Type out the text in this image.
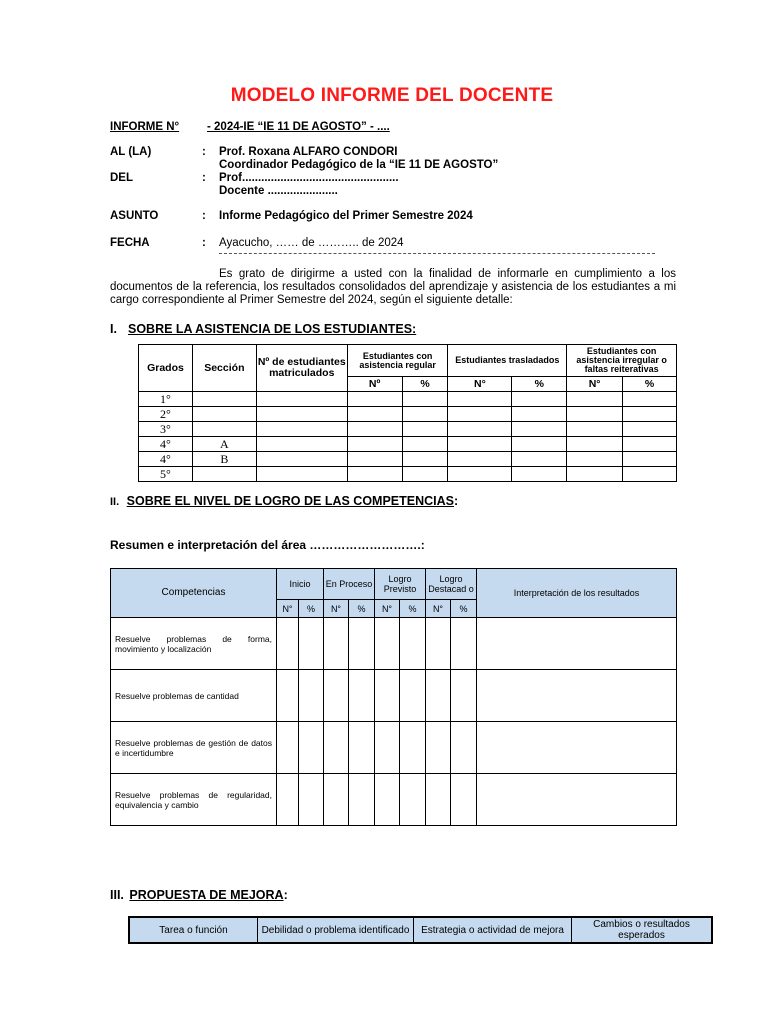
MODELO INFORME DEL DOCENTE
INFORME N° - 2024-IE “IE 11 DE AGOSTO” - ....
AL (LA)	: Prof. Roxana ALFARO CONDORI
Coordinador Pedagógico de la “IE 11 DE AGOSTO”
DEL	: Prof.................................................
Docente ......................
ASUNTO	: Informe Pedagógico del Primer Semestre 2024
FECHA	: Ayacucho, …… de ……….. de 2024
Es grato de dirigirme a usted con la finalidad de informarle en cumplimiento a los documentos de la referencia, los resultados consolidados del aprendizaje y asistencia de los estudiantes a mi cargo correspondiente al Primer Semestre del 2024, según el siguiente detalle:
I. SOBRE LA ASISTENCIA DE LOS ESTUDIANTES:
Grados	Sección	Nº de estudiantes matriculados	Estudiantes con asistencia regular		Estudiantes trasladados		Estudiantes con asistencia irregular o faltas reiterativas	
			Nº	%	N°	%	N°	%
1°								
2°								
3°								
4°	A							
4°	B							
5°								
II. SOBRE EL NIVEL DE LOGRO DE LAS COMPETENCIAS:
Resumen e interpretación del área ……………………….:
Competencias	Inicio		En Proceso		Logro Previsto		Logro Destacad o		Interpretación de los resultados
	N°	%	N°	%	N°	%	N°	%	
Resuelve problemas de forma, movimiento y localización									
Resuelve problemas de cantidad									
Resuelve problemas de gestión de datos e incertidumbre									
Resuelve problemas de regularidad, equivalencia y cambio									
III. PROPUESTA DE MEJORA:
Tarea o función	Debilidad o problema identificado	Estrategia o actividad de mejora	Cambios o resultados esperados
